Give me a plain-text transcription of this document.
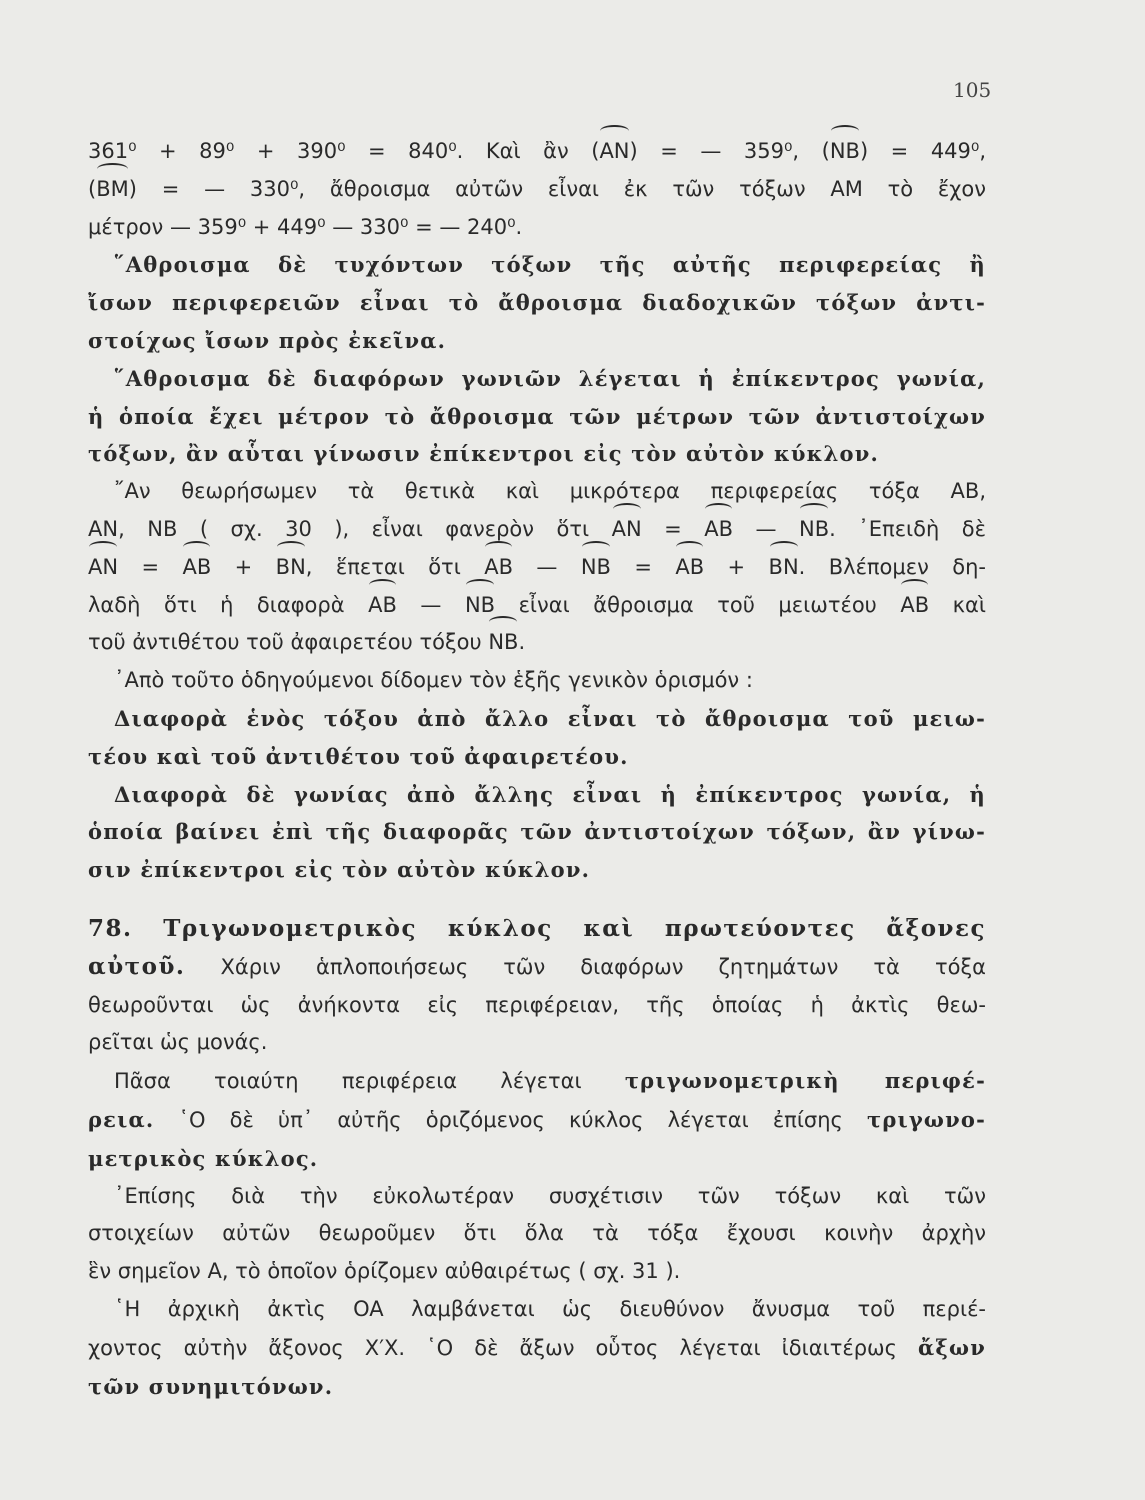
105

361⁰ + 89⁰ + 390⁰ = 840⁰. Καὶ ἂν (AN) = — 359⁰, (NB) = 449⁰,
(BM) = — 330⁰, ἄθροισμα αὐτῶν εἶναι ἐκ τῶν τόξων AM τὸ ἔχον
μέτρον — 359⁰ + 449⁰ — 330⁰ = — 240⁰.

῞Αθροισμα δὲ τυχόντων τόξων τῆς αὐτῆς περιφερείας ἢ
ἴσων περιφερειῶν εἶναι τὸ ἄθροισμα διαδοχικῶν τόξων ἀντι-
στοίχως ἴσων πρὸς ἐκεῖνα.

῞Αθροισμα δὲ διαφόρων γωνιῶν λέγεται ἡ ἐπίκεντρος γωνία,
ἡ ὁποία ἔχει μέτρον τὸ ἄθροισμα τῶν μέτρων τῶν ἀντιστοίχων
τόξων, ἂν αὗται γίνωσιν ἐπίκεντροι εἰς τὸν αὐτὸν κύκλον.

῎Αν θεωρήσωμεν τὰ θετικὰ καὶ μικρότερα περιφερείας τόξα AB,
AN, NB ( σχ. 30 ), εἶναι φανερὸν ὅτι AN = AB — NB. ᾿Επειδὴ δὲ
AN = AB + BN, ἕπεται ὅτι AB — NB = AB + BN. Βλέπομεν δη-
λαδὴ ὅτι ἡ διαφορὰ AB — NB εἶναι ἄθροισμα τοῦ μειωτέου AB καὶ
τοῦ ἀντιθέτου τοῦ ἀφαιρετέου τόξου NB.

᾿Απὸ τοῦτο ὁδηγούμενοι δίδομεν τὸν ἑξῆς γενικὸν ὁρισμόν :

Διαφορὰ ἑνὸς τόξου ἀπὸ ἄλλο εἶναι τὸ ἄθροισμα τοῦ μειω-
τέου καὶ τοῦ ἀντιθέτου τοῦ ἀφαιρετέου.

Διαφορὰ δὲ γωνίας ἀπὸ ἄλλης εἶναι ἡ ἐπίκεντρος γωνία, ἡ
ὁποία βαίνει ἐπὶ τῆς διαφορᾶς τῶν ἀντιστοίχων τόξων, ἂν γίνω-
σιν ἐπίκεντροι εἰς τὸν αὐτὸν κύκλον.

78. Τριγωνομετρικὸς κύκλος καὶ πρωτεύοντες ἄξονες
αὐτοῦ. Χάριν ἁπλοποιήσεως τῶν διαφόρων ζητημάτων τὰ τόξα
θεωροῦνται ὡς ἀνήκοντα εἰς περιφέρειαν, τῆς ὁποίας ἡ ἀκτὶς θεω-
ρεῖται ὡς μονάς.

Πᾶσα τοιαύτη περιφέρεια λέγεται τριγωνομετρικὴ περιφέ-
ρεια. ῾Ο δὲ ὑπ᾿ αὐτῆς ὁριζόμενος κύκλος λέγεται ἐπίσης τριγωνο-
μετρικὸς κύκλος.

᾿Επίσης διὰ τὴν εὐκολωτέραν συσχέτισιν τῶν τόξων καὶ τῶν
στοιχείων αὐτῶν θεωροῦμεν ὅτι ὅλα τὰ τόξα ἔχουσι κοινὴν ἀρχὴν
ἓν σημεῖον A, τὸ ὁποῖον ὁρίζομεν αὐθαιρέτως ( σχ. 31 ).

῾Η ἀρχικὴ ἀκτὶς OA λαμβάνεται ὡς διευθύνον ἄνυσμα τοῦ περιέ-
χοντος αὐτὴν ἄξονος X′X. ῾Ο δὲ ἄξων οὗτος λέγεται ἰδιαιτέρως ἄξων
τῶν συνημιτόνων.
